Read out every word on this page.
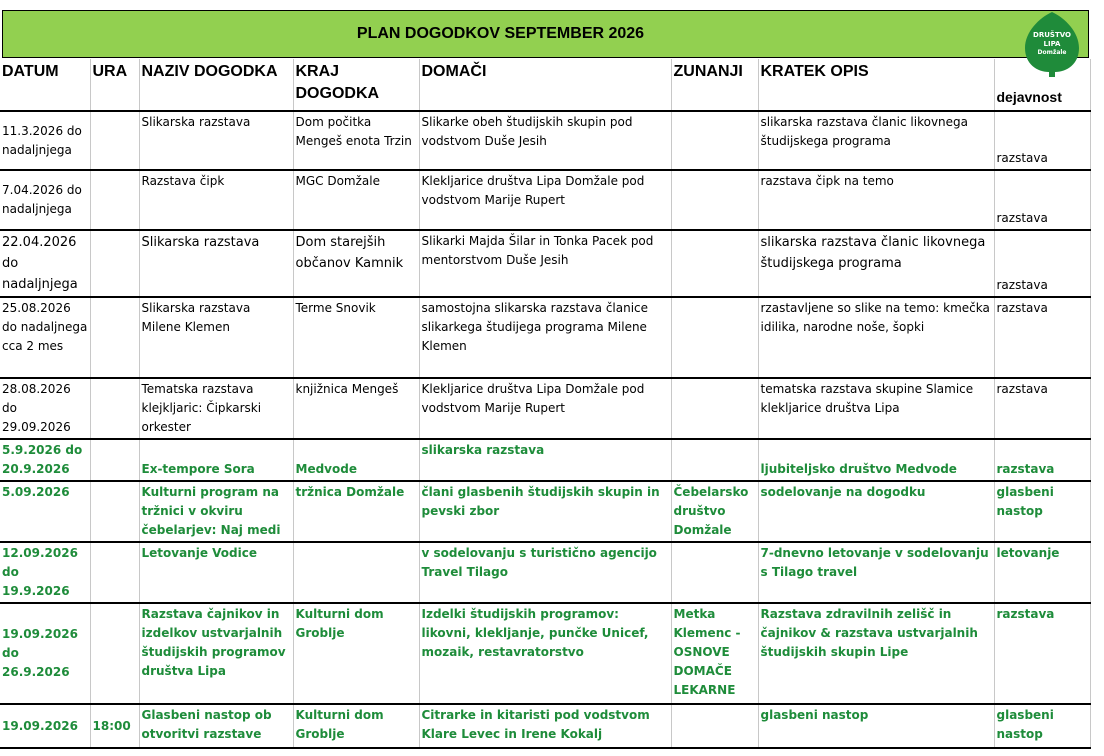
PLAN DOGODKOV SEPTEMBER 2026	DRUŠTVO
LIPA
Domžale
DATUM	URA	NAZIV DOGODKA	KRAJ DOGODKA	DOMAČI	ZUNANJI	KRATEK OPIS	dejavnost
11.3.2026 do nadaljnjega		Slikarska razstava	Dom počitka Mengeš enota Trzin	Slikarke obeh študijskih skupin pod vodstvom Duše Jesih		slikarska razstava članic likovnega študijskega programa	razstava
7.04.2026 do nadaljnjega		Razstava čipk	MGC Domžale	Klekljarice društva Lipa Domžale pod vodstvom Marije Rupert		razstava čipk na temo	razstava
22.04.2026 do nadaljnjega		Slikarska razstava	Dom starejših občanov Kamnik	Slikarki Majda Šilar in Tonka Pacek pod mentorstvom Duše Jesih		slikarska razstava članic likovnega študijskega programa	razstava
25.08.2026 do nadaljnega cca 2 mes		Slikarska razstava Milene Klemen	Terme Snovik	samostojna slikarska razstava članice slikarkega študijega programa Milene Klemen		rzastavljene so slike na temo: kmečka idilika, narodne noše, šopki	razstava
28.08.2026 do 29.09.2026		Tematska razstava klejkljaric: Čipkarski orkester	knjižnica Mengeš	Klekljarice društva Lipa Domžale pod vodstvom Marije Rupert		tematska razstava skupine Slamice klekljarice društva Lipa	razstava
5.9.2026 do 20.9.2026		Ex-tempore Sora	Medvode	slikarska razstava		ljubiteljsko društvo Medvode	razstava
5.09.2026		Kulturni program na tržnici v okviru čebelarjev: Naj medi	tržnica Domžale	člani glasbenih študijskih skupin in pevski zbor	Čebelarsko društvo Domžale	sodelovanje na dogodku	glasbeni nastop
12.09.2026 do 19.9.2026		Letovanje Vodice		v sodelovanju s turistično agencijo Travel Tilago		7-dnevno letovanje v sodelovanju s Tilago travel	letovanje
19.09.2026 do 26.9.2026		Razstava čajnikov in izdelkov ustvarjalnih študijskih programov društva Lipa	Kulturni dom Groblje	Izdelki študijskih programov: likovni, klekljanje, punčke Unicef, mozaik, restavratorstvo	Metka Klemenc - OSNOVE DOMAČE LEKARNE	Razstava zdravilnih zelišč in čajnikov & razstava ustvarjalnih študijskih skupin Lipe	razstava
19.09.2026	18:00	Glasbeni nastop ob otvoritvi razstave	Kulturni dom Groblje	Citrarke in kitaristi pod vodstvom Klare Levec in Irene Kokalj		glasbeni nastop	glasbeni nastop
